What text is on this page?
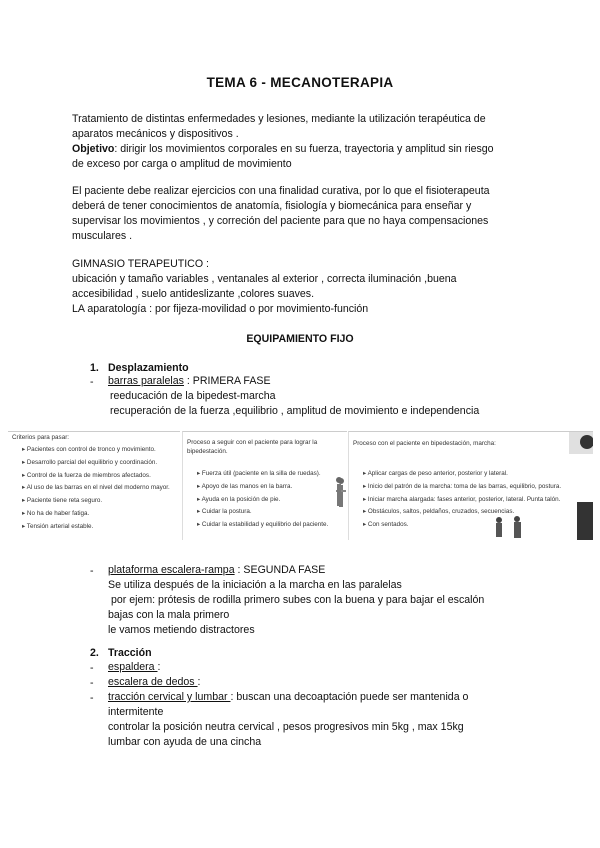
TEMA 6 - MECANOTERAPIA
Tratamiento de distintas enfermedades y lesiones, mediante la utilización terapéutica de
aparatos mecánicos y dispositivos .
Objetivo: dirigir los movimientos corporales en su fuerza, trayectoria y amplitud sin riesgo
de exceso por carga o amplitud de movimiento
El paciente debe realizar ejercicios con una finalidad curativa, por lo que el fisioterapeuta
deberá de tener conocimientos de anatomía, fisiología y biomecánica para enseñar y
supervisar los movimientos , y correción del paciente para que no haya compensaciones
musculares .
GIMNASIO TERAPEUTICO :
ubicación y tamaño variables , ventanales al exterior , correcta iluminación ,buena
accesibilidad , suelo antideslizante ,colores suaves.
LA aparatología : por fijeza-movilidad o por movimiento-función
EQUIPAMIENTO FIJO
1. Desplazamiento
- barras paralelas : PRIMERA FASE
reeducación de la bipedest-marcha
recuperación de la fuerza ,equilibrio , amplitud de movimiento e independencia
Criterios para pasar:
▸ Pacientes con control de tronco y movimiento.
▸ Desarrollo parcial del equilibrio y coordinación.
▸ Control de la fuerza de miembros afectados.
▸ Al uso de las barras en el nivel del moderno mayor.
▸ Paciente tiene reta seguro.
▸ No ha de haber fatiga.
▸ Tensión arterial estable.
Proceso a seguir con el paciente para lograr la bipedestación.
▸ Fuerza útil (paciente en la silla de ruedas).
▸ Apoyo de las manos en la barra.
▸ Ayuda en la posición de pie.
▸ Cuidar la postura.
▸ Cuidar la estabilidad y equilibrio del paciente.
Proceso con el paciente en bipedestación, marcha:
▸ Aplicar cargas de peso anterior, posterior y lateral.
▸ Inicio del patrón de la marcha: toma de las barras, equilibrio, postura.
▸ Iniciar marcha alargada: fases anterior, posterior, lateral. Punta talón.
▸ Obstáculos, saltos, peldaños, cruzados, secuencias.
▸ Con sentados.
- plataforma escalera-rampa : SEGUNDA FASE
Se utiliza después de la iniciación a la marcha en las paralelas
por ejem: prótesis de rodilla primero subes con la buena y para bajar el escalón
bajas con la mala primero
le vamos metiendo distractores
2. Tracción
- espaldera :
- escalera de dedos :
- tracción cervical y lumbar : buscan una decoaptación puede ser mantenida o
intermitente
controlar la posición neutra cervical , pesos progresivos min 5kg , max 15kg
lumbar con ayuda de una cincha
